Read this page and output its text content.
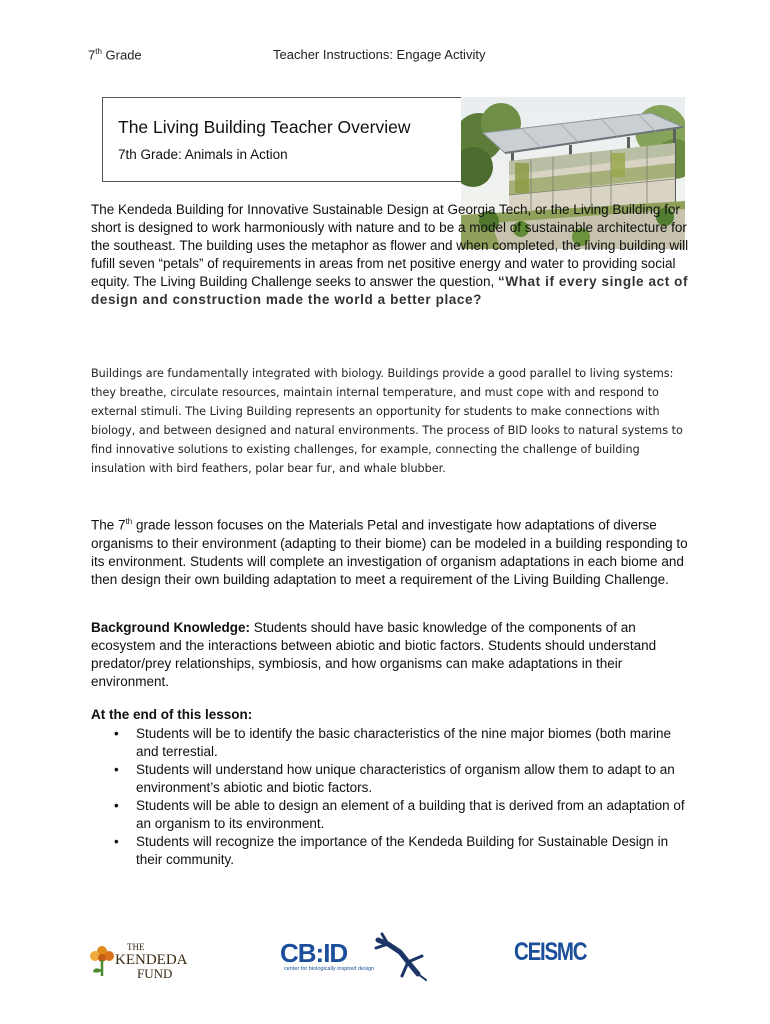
7th Grade	Teacher Instructions: Engage Activity
The Living Building Teacher Overview
7th Grade: Animals in Action
The Kendeda Building for Innovative Sustainable Design at Georgia Tech, or the Living Building for short is designed to work harmoniously with nature and to be a model of sustainable architecture for the southeast. The building uses the metaphor as flower and when completed, the living building will fufill seven “petals” of requirements in areas from net positive energy and water to providing social equity. The Living Building Challenge seeks to answer the question, “What if every single act of design and construction made the world a better place?
Buildings are fundamentally integrated with biology. Buildings provide a good parallel to living systems: they breathe, circulate resources, maintain internal temperature, and must cope with and respond to external stimuli. The Living Building represents an opportunity for students to make connections with biology, and between designed and natural environments. The process of BID looks to natural systems to find innovative solutions to existing challenges, for example, connecting the challenge of building insulation with bird feathers, polar bear fur, and whale blubber.
The 7th grade lesson focuses on the Materials Petal and investigate how adaptations of diverse organisms to their environment (adapting to their biome) can be modeled in a building responding to its environment. Students will complete an investigation of organism adaptations in each biome and then design their own building adaptation to meet a requirement of the Living Building Challenge.
Background Knowledge: Students should have basic knowledge of the components of an ecosystem and the interactions between abiotic and biotic factors. Students should understand predator/prey relationships, symbiosis, and how organisms can make adaptations in their environment.
At the end of this lesson:
• Students will be to identify the basic characteristics of the nine major biomes (both marine and terrestial.
• Students will understand how unique characteristics of organism allow them to adapt to an environment’s abiotic and biotic factors.
• Students will be able to design an element of a building that is derived from an adaptation of an organism to its environment.
• Students will recognize the importance of the Kendeda Building for Sustainable Design in their community.
THE
KENDEDA
FUND
CB:ID
center for biologically inspired design
CEISMC
